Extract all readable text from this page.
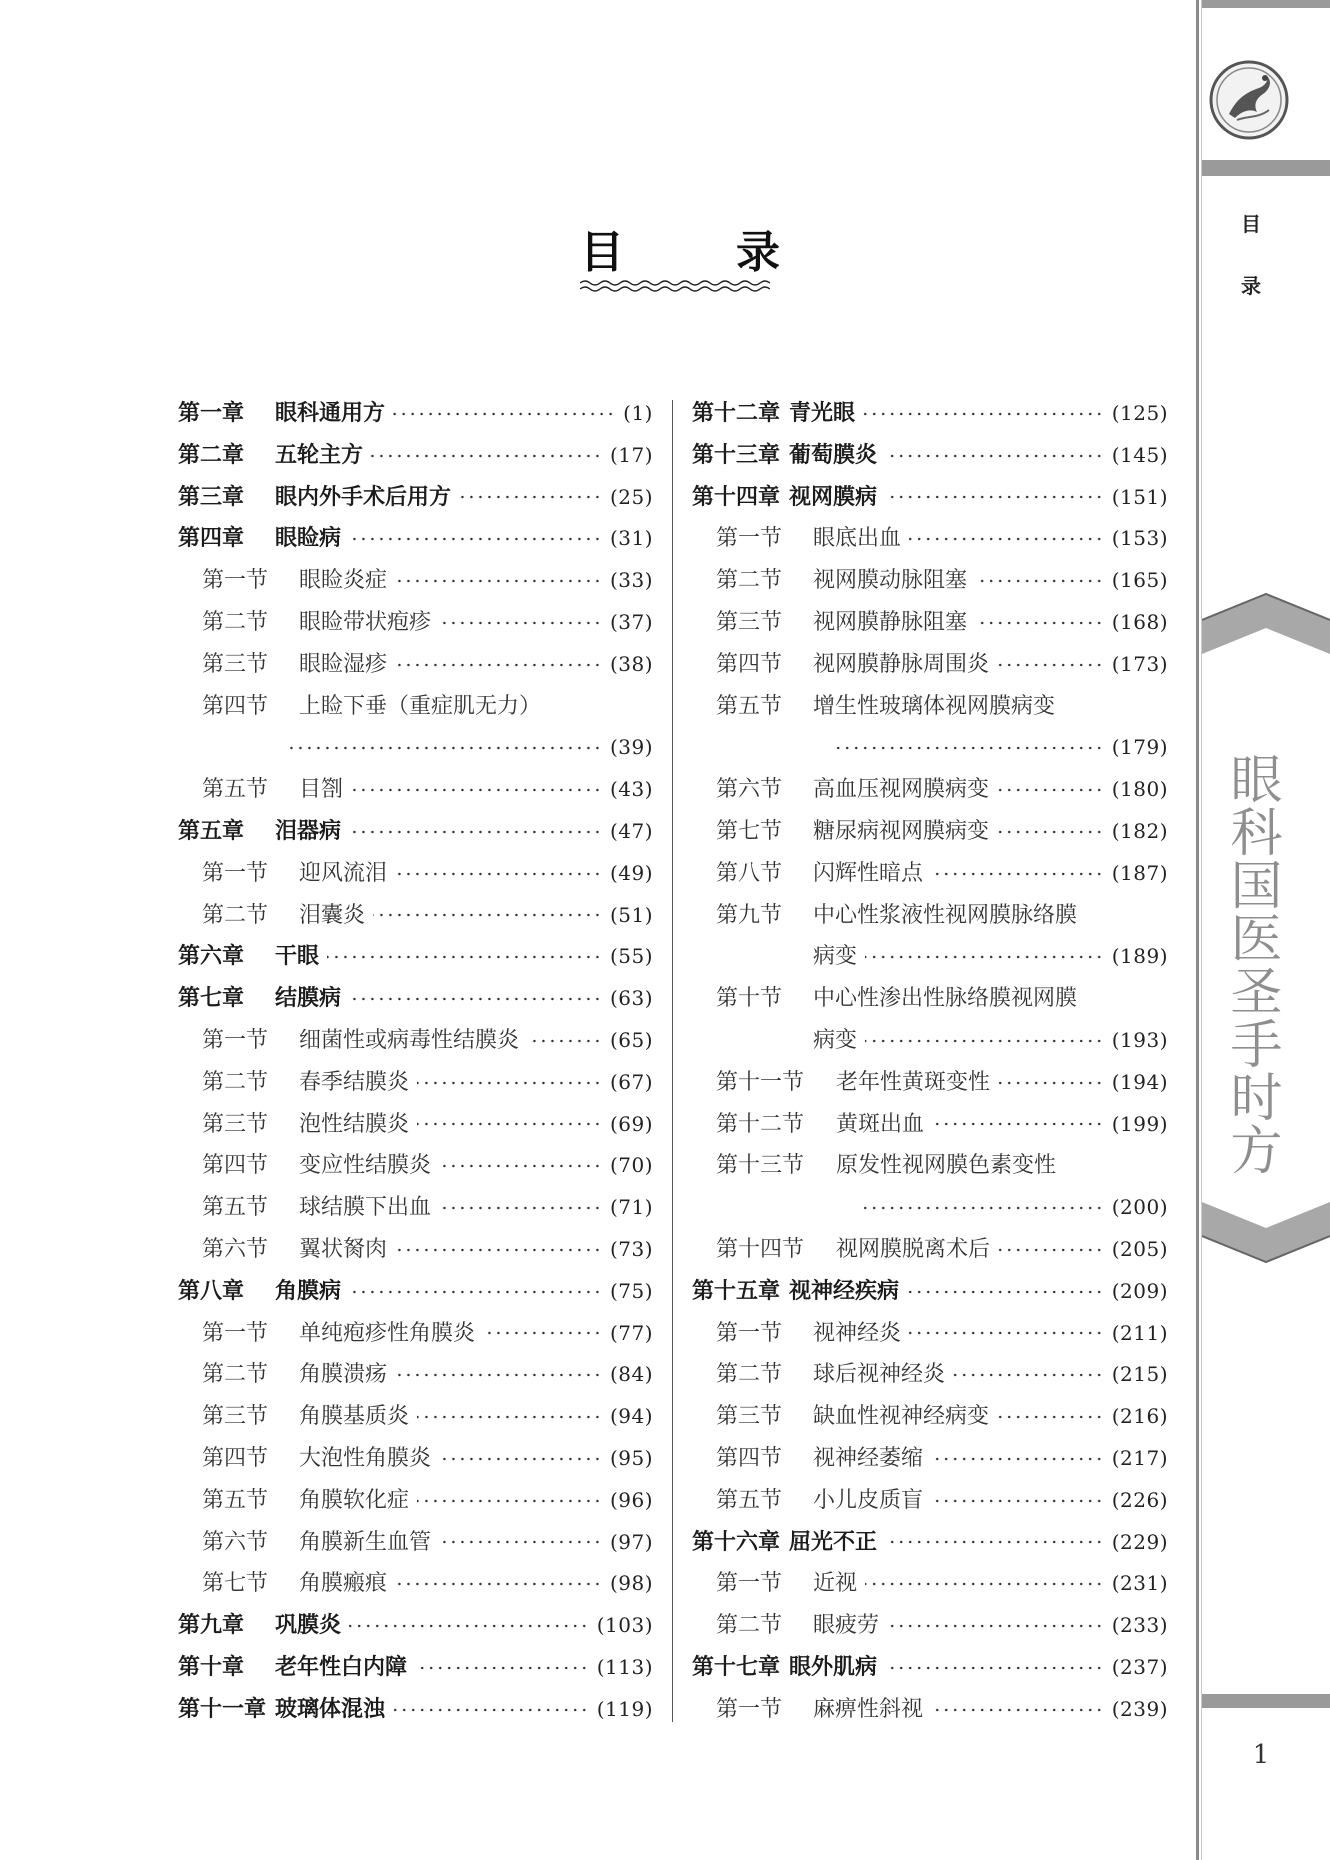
目	录
第一章	眼科通用方	(1)
第二章	五轮主方	(17)
第三章	眼内外手术后用方	(25)
第四章	眼睑病	(31)
第一节	眼睑炎症	(33)
第二节	眼睑带状疱疹	(37)
第三节	眼睑湿疹	(38)
第四节	上睑下垂（重症肌无力）
(39)
第五节	目劄	(43)
第五章	泪器病	(47)
第一节	迎风流泪	(49)
第二节	泪囊炎	(51)
第六章	干眼	(55)
第七章	结膜病	(63)
第一节	细菌性或病毒性结膜炎	(65)
第二节	春季结膜炎	(67)
第三节	泡性结膜炎	(69)
第四节	变应性结膜炎	(70)
第五节	球结膜下出血	(71)
第六节	翼状胬肉	(73)
第八章	角膜病	(75)
第一节	单纯疱疹性角膜炎	(77)
第二节	角膜溃疡	(84)
第三节	角膜基质炎	(94)
第四节	大泡性角膜炎	(95)
第五节	角膜软化症	(96)
第六节	角膜新生血管	(97)
第七节	角膜瘢痕	(98)
第九章	巩膜炎	(103)
第十章	老年性白内障	(113)
第十一章 玻璃体混浊	(119)
第十二章 青光眼	(125)
第十三章 葡萄膜炎	(145)
第十四章 视网膜病	(151)
第一节	眼底出血	(153)
第二节	视网膜动脉阻塞	(165)
第三节	视网膜静脉阻塞	(168)
第四节	视网膜静脉周围炎	(173)
第五节	增生性玻璃体视网膜病变
(179)
第六节	高血压视网膜病变	(180)
第七节	糖尿病视网膜病变	(182)
第八节	闪辉性暗点	(187)
第九节	中心性浆液性视网膜脉络膜
病变	(189)
第十节	中心性渗出性脉络膜视网膜
病变	(193)
第十一节	老年性黄斑变性	(194)
第十二节	黄斑出血	(199)
第十三节	原发性视网膜色素变性
(200)
第十四节	视网膜脱离术后	(205)
第十五章 视神经疾病	(209)
第一节	视神经炎	(211)
第二节	球后视神经炎	(215)
第三节	缺血性视神经病变	(216)
第四节	视神经萎缩	(217)
第五节	小儿皮质盲	(226)
第十六章 屈光不正	(229)
第一节	近视	(231)
第二节	眼疲劳	(233)
第十七章 眼外肌病	(237)
第一节	麻痹性斜视	(239)
目
录
眼科国医圣手时方
1
